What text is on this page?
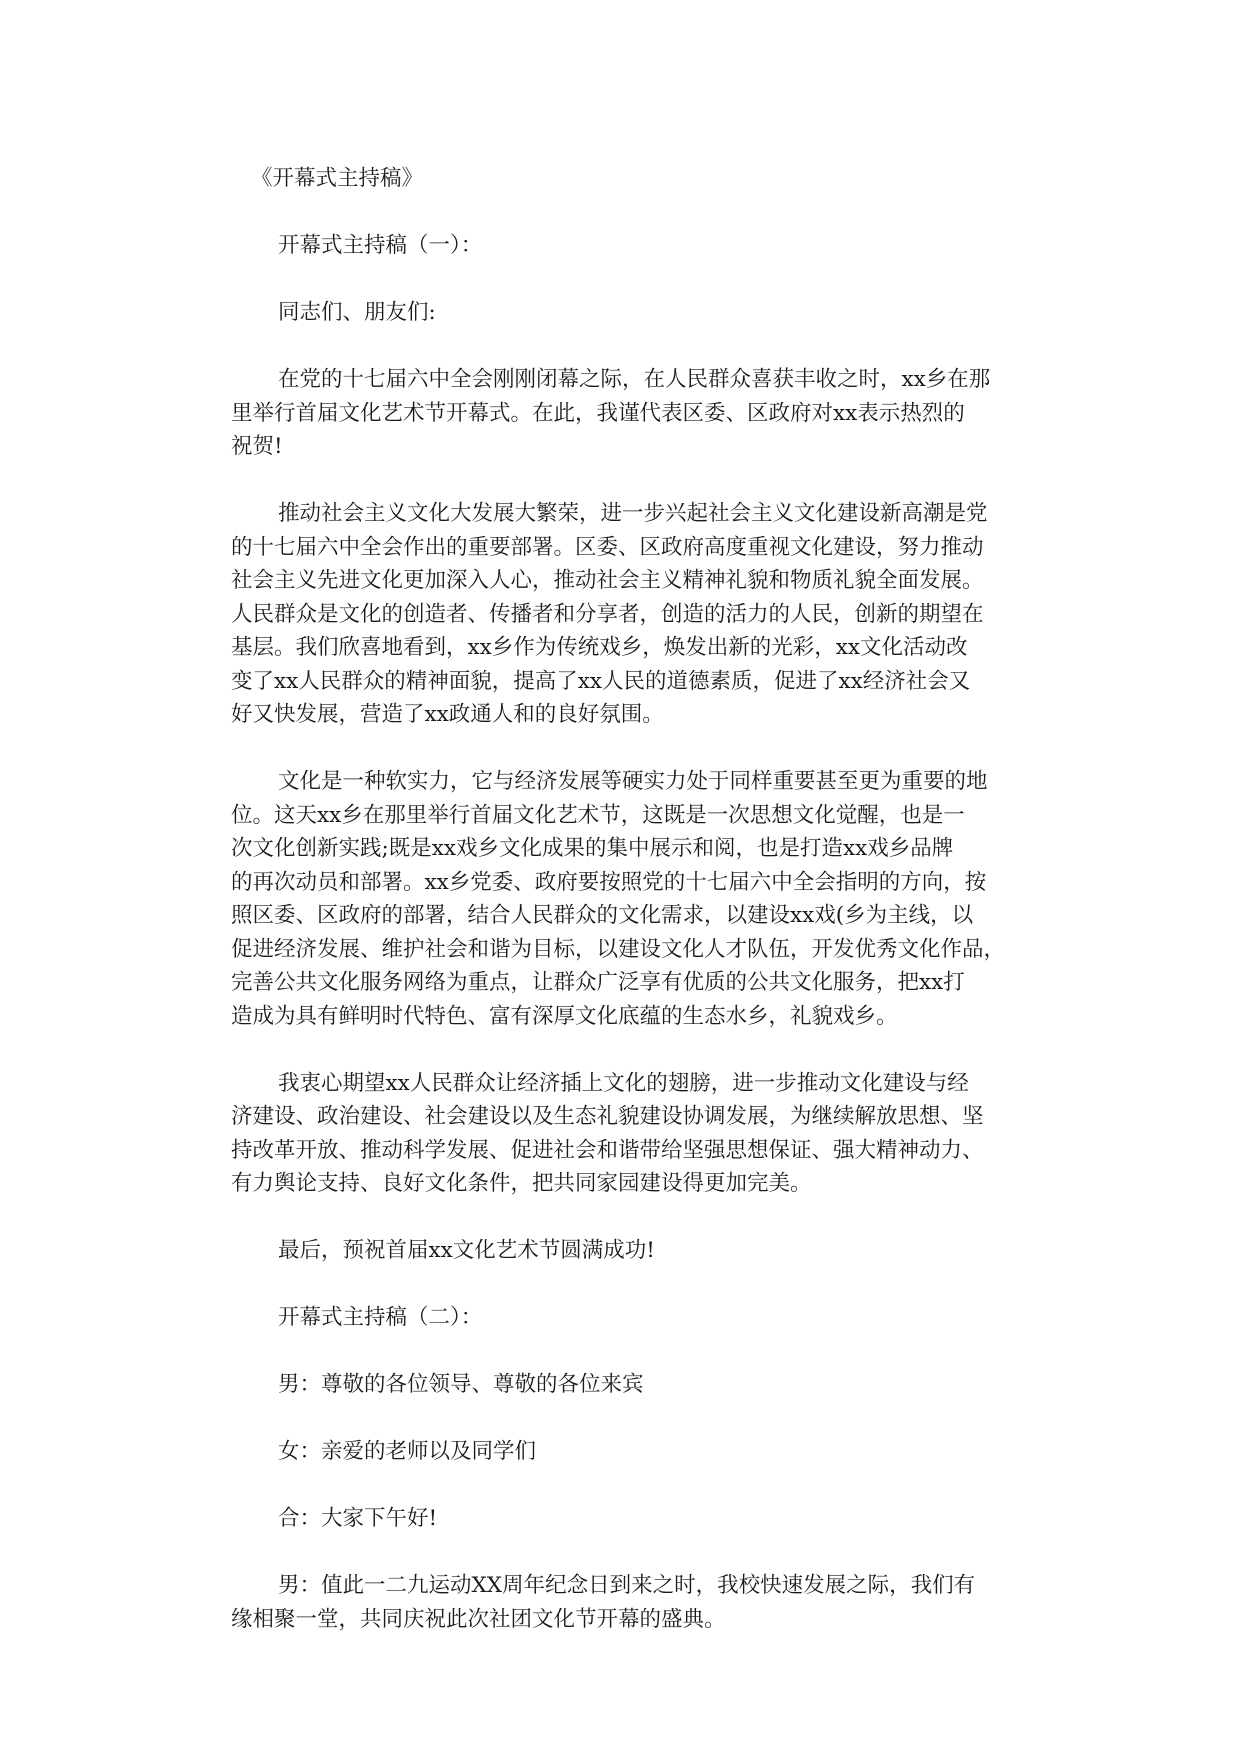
《开幕式主持稿》
开幕式主持稿（一）：
同志们、朋友们:
在党的十七届六中全会刚刚闭幕之际，在人民群众喜获丰收之时，xx乡在那
里举行首届文化艺术节开幕式。在此，我谨代表区委、区政府对xx表示热烈的
祝贺!
推动社会主义文化大发展大繁荣，进一步兴起社会主义文化建设新高潮是党
的十七届六中全会作出的重要部署。区委、区政府高度重视文化建设，努力推动
社会主义先进文化更加深入人心，推动社会主义精神礼貌和物质礼貌全面发展。
人民群众是文化的创造者、传播者和分享者，创造的活力的人民，创新的期望在
基层。我们欣喜地看到，xx乡作为传统戏乡，焕发出新的光彩，xx文化活动改
变了xx人民群众的精神面貌，提高了xx人民的道德素质，促进了xx经济社会又
好又快发展，营造了xx政通人和的良好氛围。
文化是一种软实力，它与经济发展等硬实力处于同样重要甚至更为重要的地
位。这天xx乡在那里举行首届文化艺术节，这既是一次思想文化觉醒，也是一
次文化创新实践;既是xx戏乡文化成果的集中展示和阅，也是打造xx戏乡品牌
的再次动员和部署。xx乡党委、政府要按照党的十七届六中全会指明的方向，按
照区委、区政府的部署，结合人民群众的文化需求，以建设xx戏(乡为主线，以
促进经济发展、维护社会和谐为目标，以建设文化人才队伍，开发优秀文化作品，
完善公共文化服务网络为重点，让群众广泛享有优质的公共文化服务，把xx打
造成为具有鲜明时代特色、富有深厚文化底蕴的生态水乡，礼貌戏乡。
我衷心期望xx人民群众让经济插上文化的翅膀，进一步推动文化建设与经
济建设、政治建设、社会建设以及生态礼貌建设协调发展，为继续解放思想、坚
持改革开放、推动科学发展、促进社会和谐带给坚强思想保证、强大精神动力、
有力舆论支持、良好文化条件，把共同家园建设得更加完美。
最后，预祝首届xx文化艺术节圆满成功!
开幕式主持稿（二）：
男：尊敬的各位领导、尊敬的各位来宾
女：亲爱的老师以及同学们
合：大家下午好!
男：值此一二九运动XX周年纪念日到来之时，我校快速发展之际，我们有
缘相聚一堂，共同庆祝此次社团文化节开幕的盛典。
